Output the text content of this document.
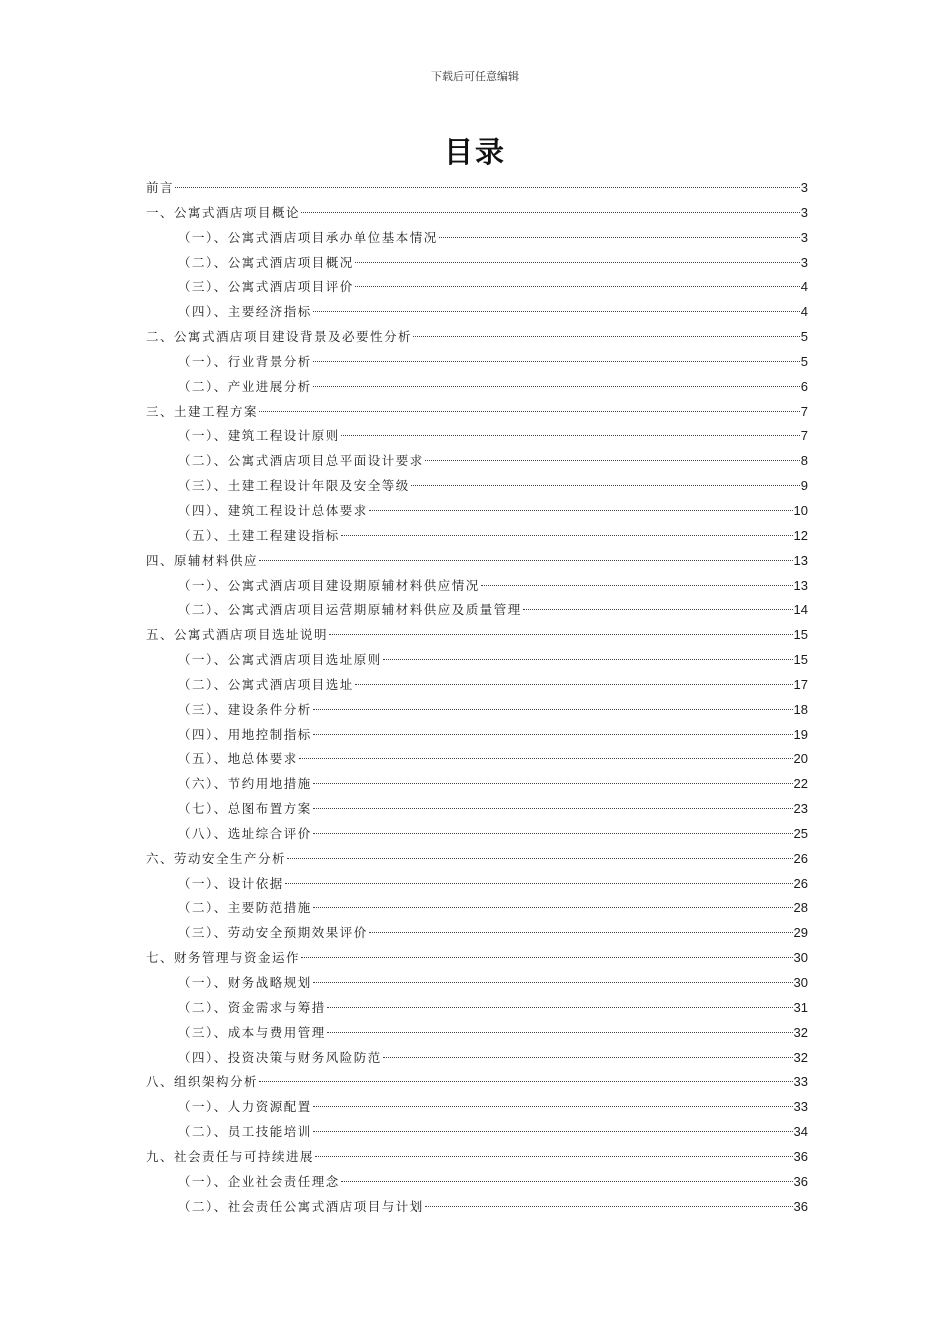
下载后可任意编辑
目录
前言	3
一、公寓式酒店项目概论	3
（一）、公寓式酒店项目承办单位基本情况	3
（二）、公寓式酒店项目概况	3
（三）、公寓式酒店项目评价	4
（四）、主要经济指标	4
二、公寓式酒店项目建设背景及必要性分析	5
（一）、行业背景分析	5
（二）、产业进展分析	6
三、土建工程方案	7
（一）、建筑工程设计原则	7
（二）、公寓式酒店项目总平面设计要求	8
（三）、土建工程设计年限及安全等级	9
（四）、建筑工程设计总体要求	10
（五）、土建工程建设指标	12
四、原辅材料供应	13
（一）、公寓式酒店项目建设期原辅材料供应情况	13
（二）、公寓式酒店项目运营期原辅材料供应及质量管理	14
五、公寓式酒店项目选址说明	15
（一）、公寓式酒店项目选址原则	15
（二）、公寓式酒店项目选址	17
（三）、建设条件分析	18
（四）、用地控制指标	19
（五）、地总体要求	20
（六）、节约用地措施	22
（七）、总图布置方案	23
（八）、选址综合评价	25
六、劳动安全生产分析	26
（一）、设计依据	26
（二）、主要防范措施	28
（三）、劳动安全预期效果评价	29
七、财务管理与资金运作	30
（一）、财务战略规划	30
（二）、资金需求与筹措	31
（三）、成本与费用管理	32
（四）、投资决策与财务风险防范	32
八、组织架构分析	33
（一）、人力资源配置	33
（二）、员工技能培训	34
九、社会责任与可持续进展	36
（一）、企业社会责任理念	36
（二）、社会责任公寓式酒店项目与计划	36
